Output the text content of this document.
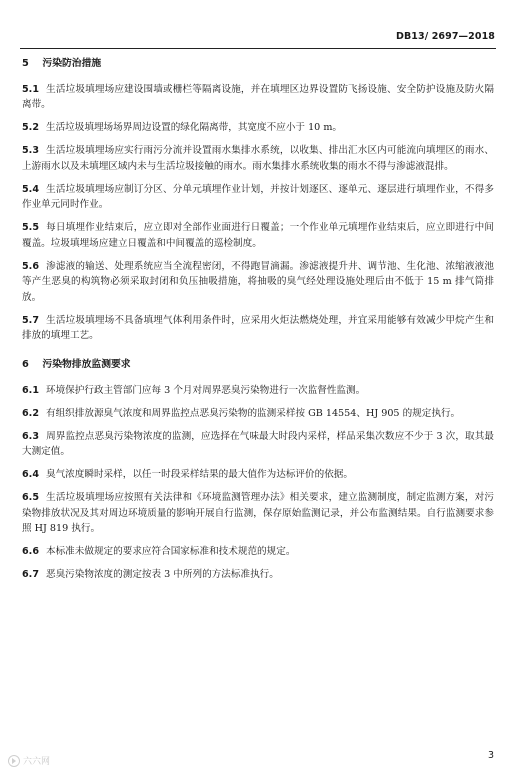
DB13/ 2697—2018
5 污染防治措施

5.1 生活垃圾填埋场应建设围墙或栅栏等隔离设施，并在填埋区边界设置防飞扬设施、安全防护设施及防火隔离带。

5.2 生活垃圾填埋场场界周边设置的绿化隔离带，其宽度不应小于 10 m。

5.3 生活垃圾填埋场应实行雨污分流并设置雨水集排水系统，以收集、排出汇水区内可能流向填埋区的雨水、上游雨水以及未填埋区域内未与生活垃圾接触的雨水。雨水集排水系统收集的雨水不得与渗滤液混排。

5.4 生活垃圾填埋场应制订分区、分单元填埋作业计划，并按计划逐区、逐单元、逐层进行填埋作业，不得多作业单元同时作业。

5.5 每日填埋作业结束后，应立即对全部作业面进行日覆盖；一个作业单元填埋作业结束后，应立即进行中间覆盖。垃圾填埋场应建立日覆盖和中间覆盖的巡检制度。

5.6 渗滤液的输送、处理系统应当全流程密闭，不得跑冒滴漏。渗滤液提升井、调节池、生化池、浓缩液液池等产生恶臭的构筑物必须采取封闭和负压抽吸措施，将抽吸的臭气经处理设施处理后由不低于 15 m 排气筒排放。

5.7 生活垃圾填埋场不具备填埋气体利用条件时，应采用火炬法燃烧处理，并宜采用能够有效减少甲烷产生和排放的填埋工艺。

6 污染物排放监测要求

6.1 环境保护行政主管部门应每 3 个月对周界恶臭污染物进行一次监督性监测。

6.2 有组织排放源臭气浓度和周界监控点恶臭污染物的监测采样按 GB 14554、HJ 905 的规定执行。

6.3 周界监控点恶臭污染物浓度的监测，应选择在气味最大时段内采样，样品采集次数应不少于 3 次，取其最大测定值。

6.4 臭气浓度瞬时采样，以任一时段采样结果的最大值作为达标评价的依据。

6.5 生活垃圾填埋场应按照有关法律和《环境监测管理办法》相关要求，建立监测制度，制定监测方案，对污染物排放状况及其对周边环境质量的影响开展自行监测，保存原始监测记录，并公布监测结果。自行监测要求参照 HJ 819 执行。

6.6 本标准未做规定的要求应符合国家标准和技术规范的规定。

6.7 恶臭污染物浓度的测定按表 3 中所列的方法标准执行。

六六网
3
